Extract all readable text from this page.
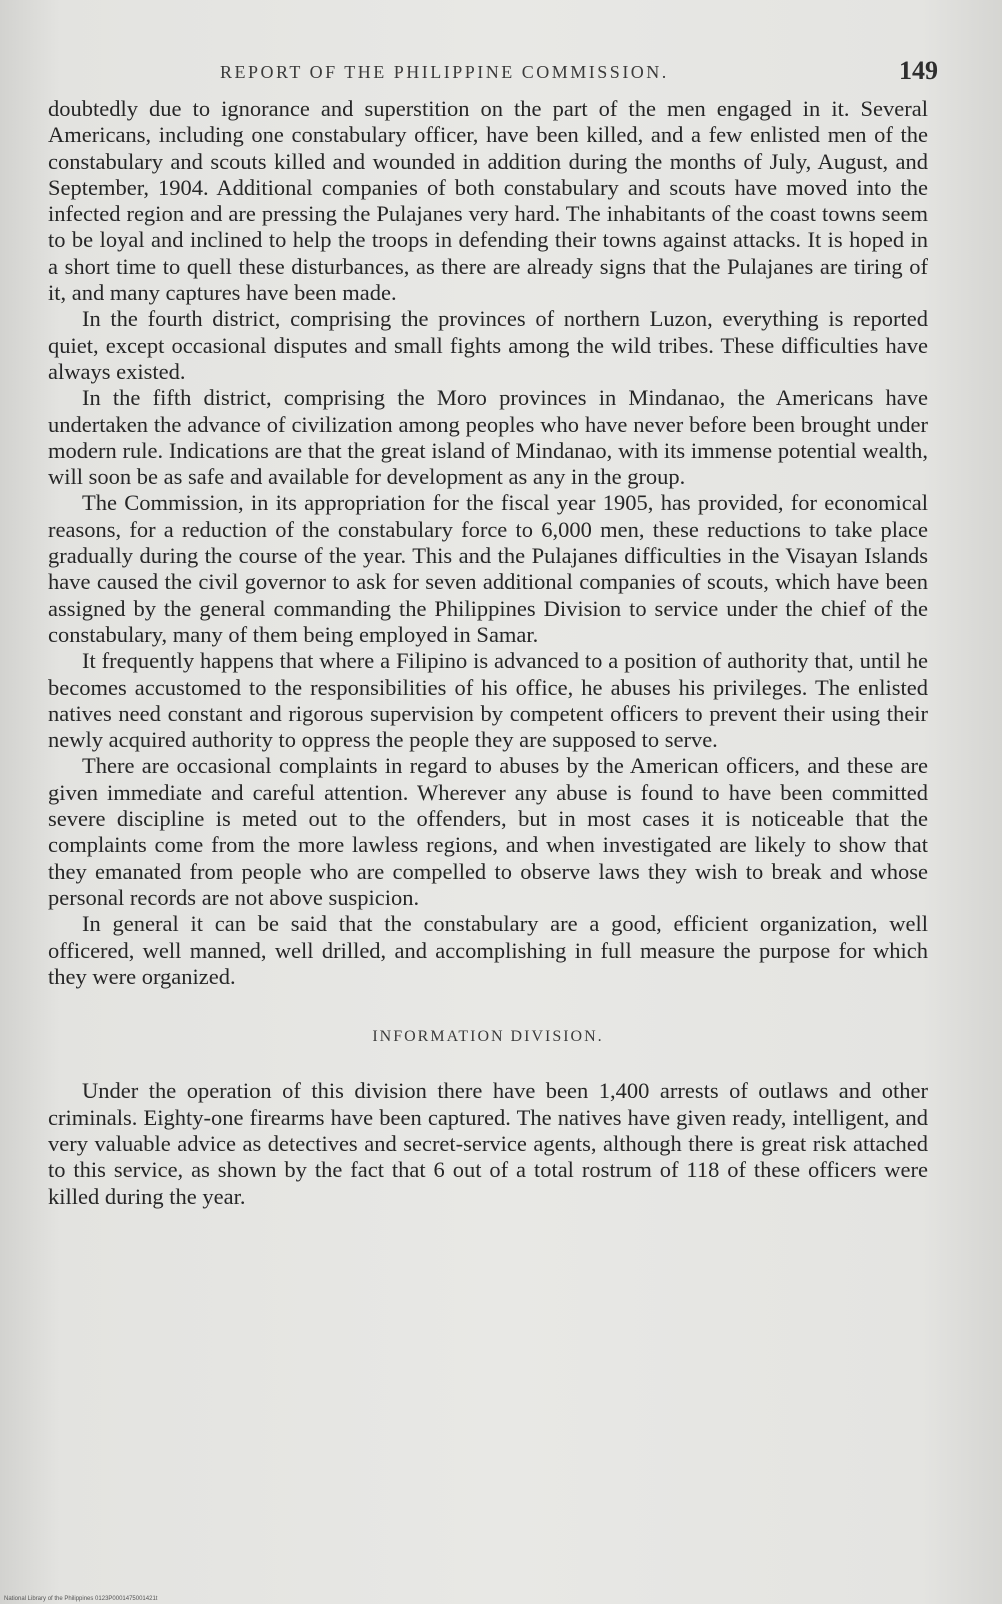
REPORT OF THE PHILIPPINE COMMISSION.	149

doubtedly due to ignorance and superstition on the part of the men engaged in it. Several Americans, including one constabulary officer, have been killed, and a few enlisted men of the constabulary and scouts killed and wounded in addition during the months of July, August, and September, 1904. Additional companies of both constabulary and scouts have moved into the infected region and are pressing the Pulajanes very hard. The inhabitants of the coast towns seem to be loyal and inclined to help the troops in defending their towns against attacks. It is hoped in a short time to quell these disturbances, as there are already signs that the Pulajanes are tiring of it, and many captures have been made.

In the fourth district, comprising the provinces of northern Luzon, everything is reported quiet, except occasional disputes and small fights among the wild tribes. These difficulties have always existed.

In the fifth district, comprising the Moro provinces in Mindanao, the Americans have undertaken the advance of civilization among peoples who have never before been brought under modern rule. Indications are that the great island of Mindanao, with its immense potential wealth, will soon be as safe and available for development as any in the group.

The Commission, in its appropriation for the fiscal year 1905, has provided, for economical reasons, for a reduction of the constabulary force to 6,000 men, these reductions to take place gradually during the course of the year. This and the Pulajanes difficulties in the Visayan Islands have caused the civil governor to ask for seven additional companies of scouts, which have been assigned by the general commanding the Philippines Division to service under the chief of the constabulary, many of them being employed in Samar.

It frequently happens that where a Filipino is advanced to a position of authority that, until he becomes accustomed to the responsibilities of his office, he abuses his privileges. The enlisted natives need constant and rigorous supervision by competent officers to prevent their using their newly acquired authority to oppress the people they are supposed to serve.

There are occasional complaints in regard to abuses by the American officers, and these are given immediate and careful attention. Wherever any abuse is found to have been committed severe discipline is meted out to the offenders, but in most cases it is noticeable that the complaints come from the more lawless regions, and when investigated are likely to show that they emanated from people who are compelled to observe laws they wish to break and whose personal records are not above suspicion.

In general it can be said that the constabulary are a good, efficient organization, well officered, well manned, well drilled, and accomplishing in full measure the purpose for which they were organized.

INFORMATION DIVISION.

Under the operation of this division there have been 1,400 arrests of outlaws and other criminals. Eighty-one firearms have been captured. The natives have given ready, intelligent, and very valuable advice as detectives and secret-service agents, although there is great risk attached to this service, as shown by the fact that 6 out of a total rostrum of 118 of these officers were killed during the year.

National Library of the Philippines 0123P0001475001421t
